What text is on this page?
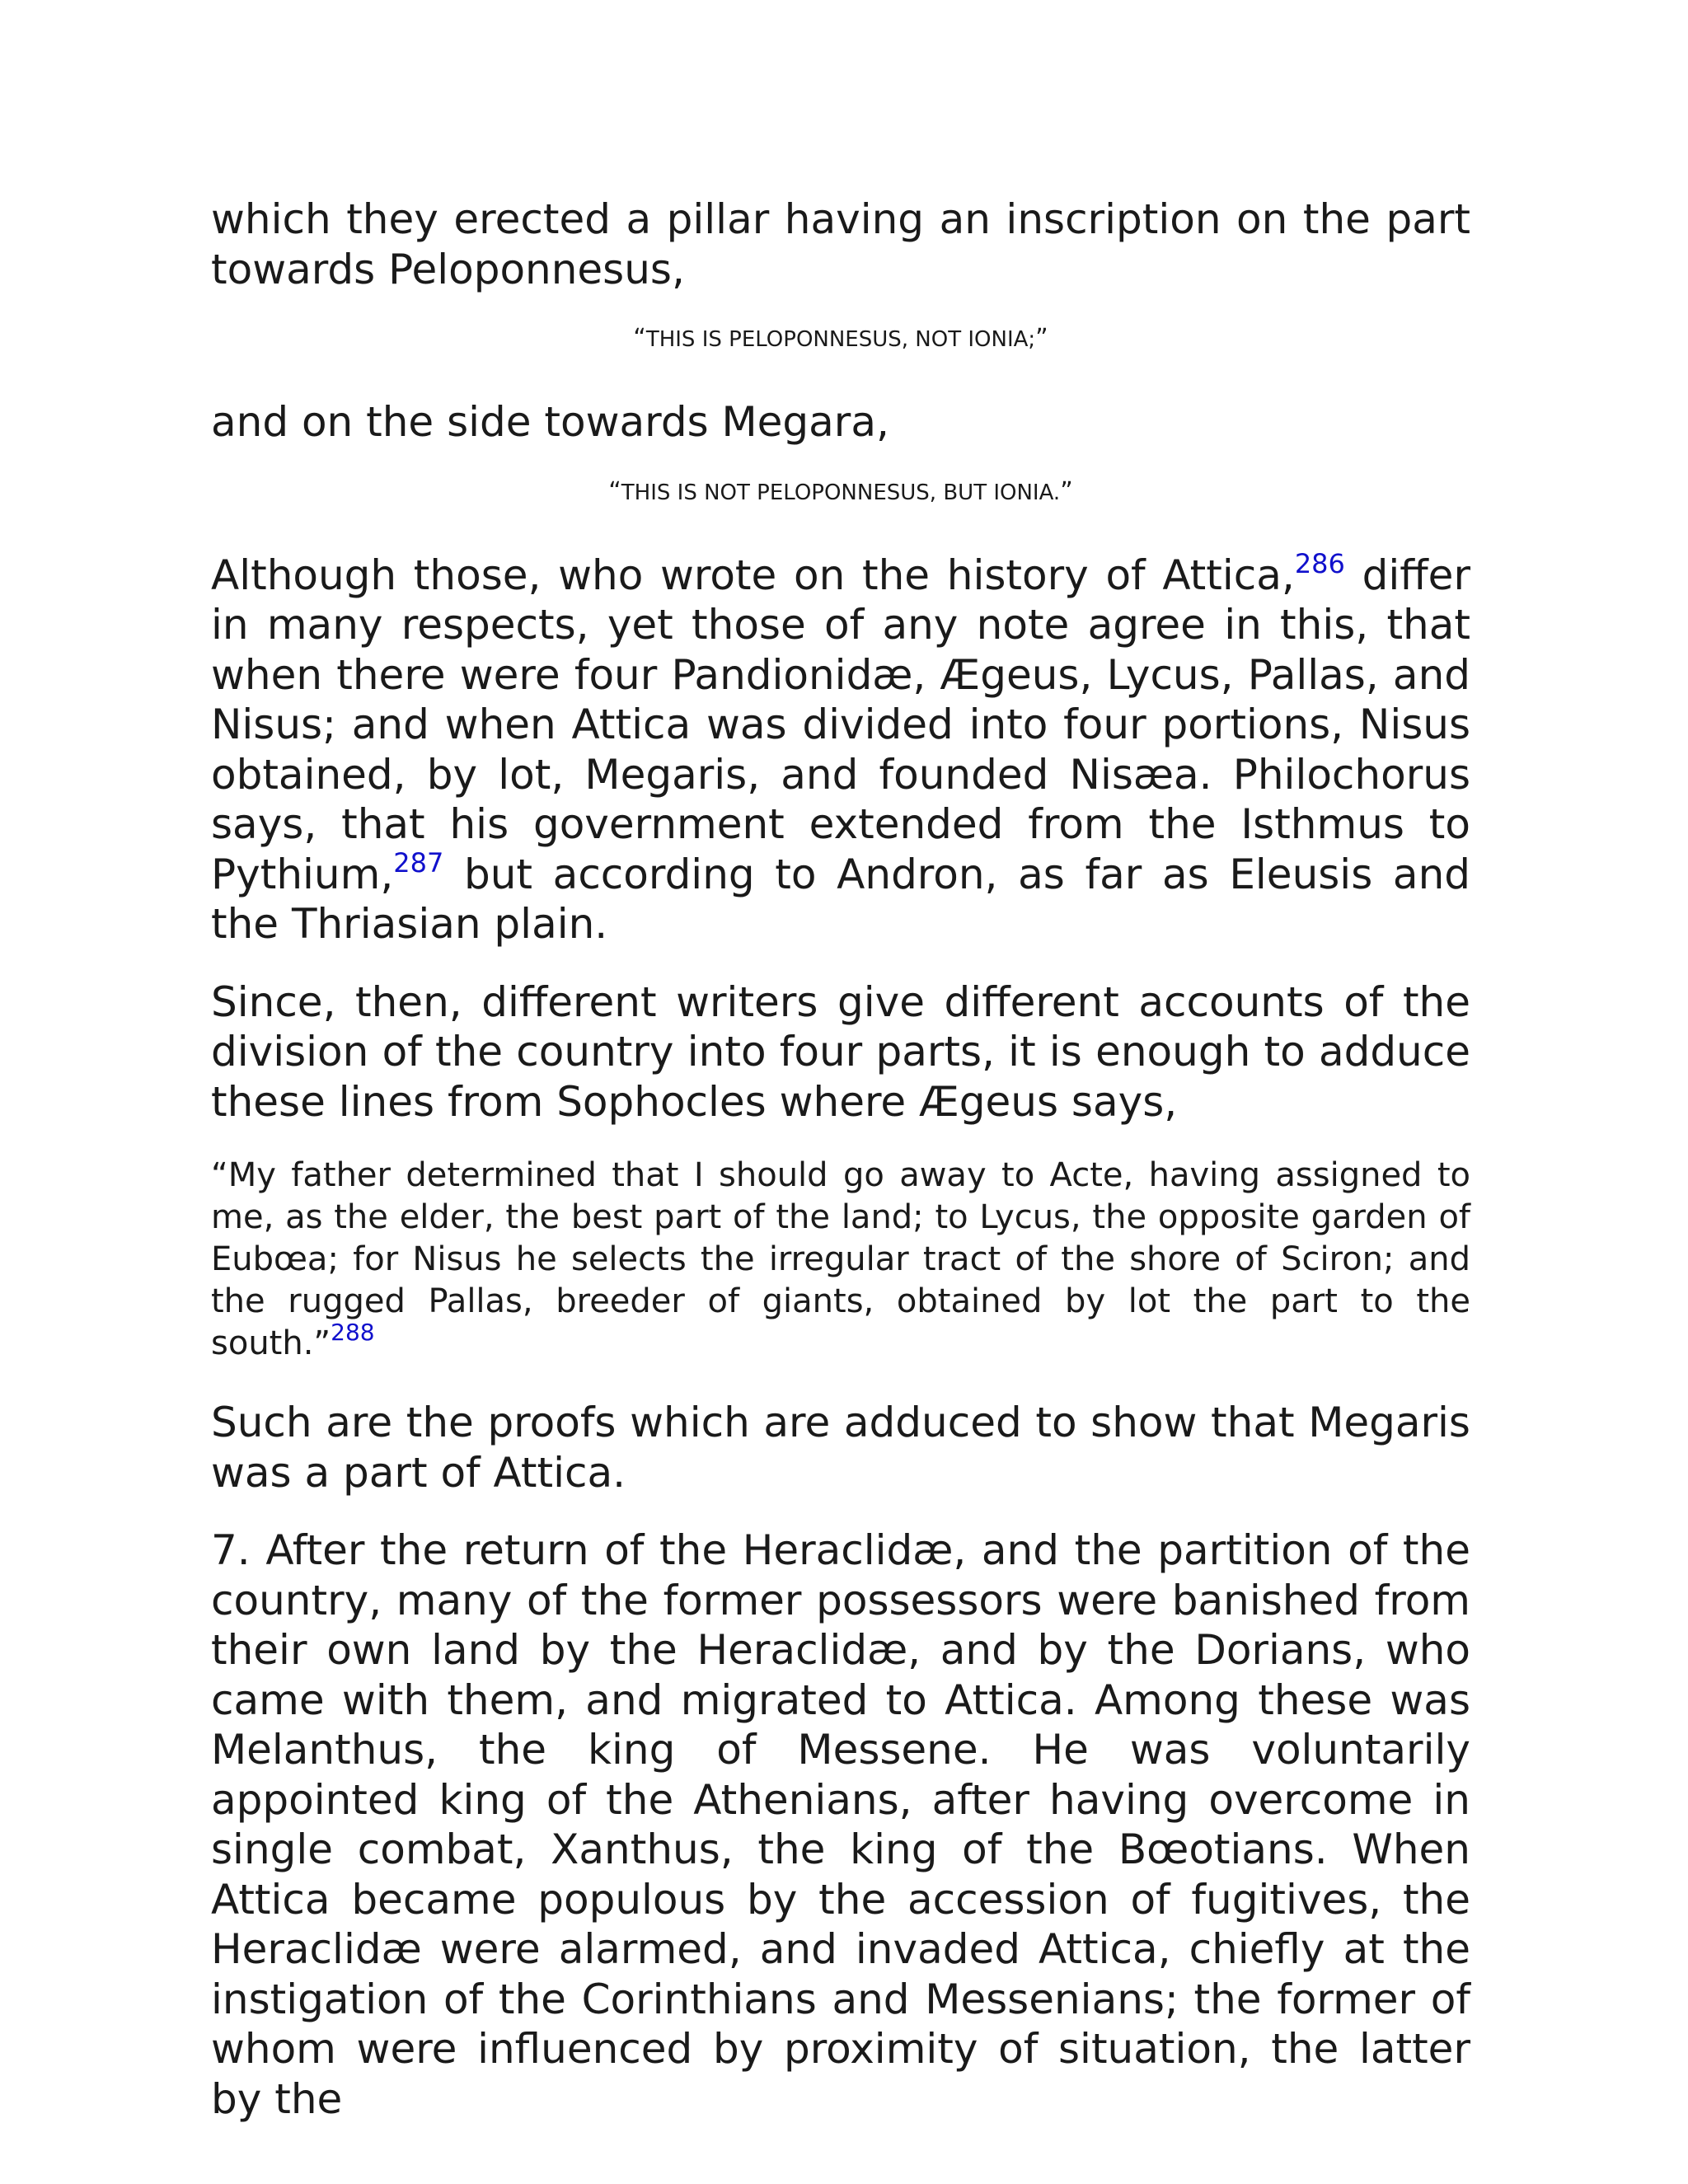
which they erected a pillar having an inscription on the part towards Peloponnesus,

“THIS IS PELOPONNESUS, NOT IONIA;”

and on the side towards Megara,

“THIS IS NOT PELOPONNESUS, BUT IONIA.”

Although those, who wrote on the history of Attica,$^{286}$ differ in many respects, yet those of any note agree in this, that when there were four Pandionidæ, Ægeus, Lycus, Pallas, and Nisus; and when Attica was divided into four portions, Nisus obtained, by lot, Megaris, and founded Nisæa. Philochorus says, that his government extended from the Isthmus to Pythium,$^{287}$ but according to Andron, as far as Eleusis and the Thriasian plain.

Since, then, different writers give different accounts of the division of the country into four parts, it is enough to adduce these lines from Sophocles where Ægeus says,

“My father determined that I should go away to Acte, having assigned to me, as the elder, the best part of the land; to Lycus, the opposite garden of Eubœa; for Nisus he selects the irregular tract of the shore of Sciron; and the rugged Pallas, breeder of giants, obtained by lot the part to the south.”$^{288}$

Such are the proofs which are adduced to show that Megaris was a part of Attica.

7. After the return of the Heraclidæ, and the partition of the country, many of the former possessors were banished from their own land by the Heraclidæ, and by the Dorians, who came with them, and migrated to Attica. Among these was Melanthus, the king of Messene. He was voluntarily appointed king of the Athenians, after having overcome in single combat, Xanthus, the king of the Bœotians. When Attica became populous by the accession of fugitives, the Heraclidæ were alarmed, and invaded Attica, chiefly at the instigation of the Corinthians and Messenians; the former of whom were influenced by proximity of situation, the latter by the
